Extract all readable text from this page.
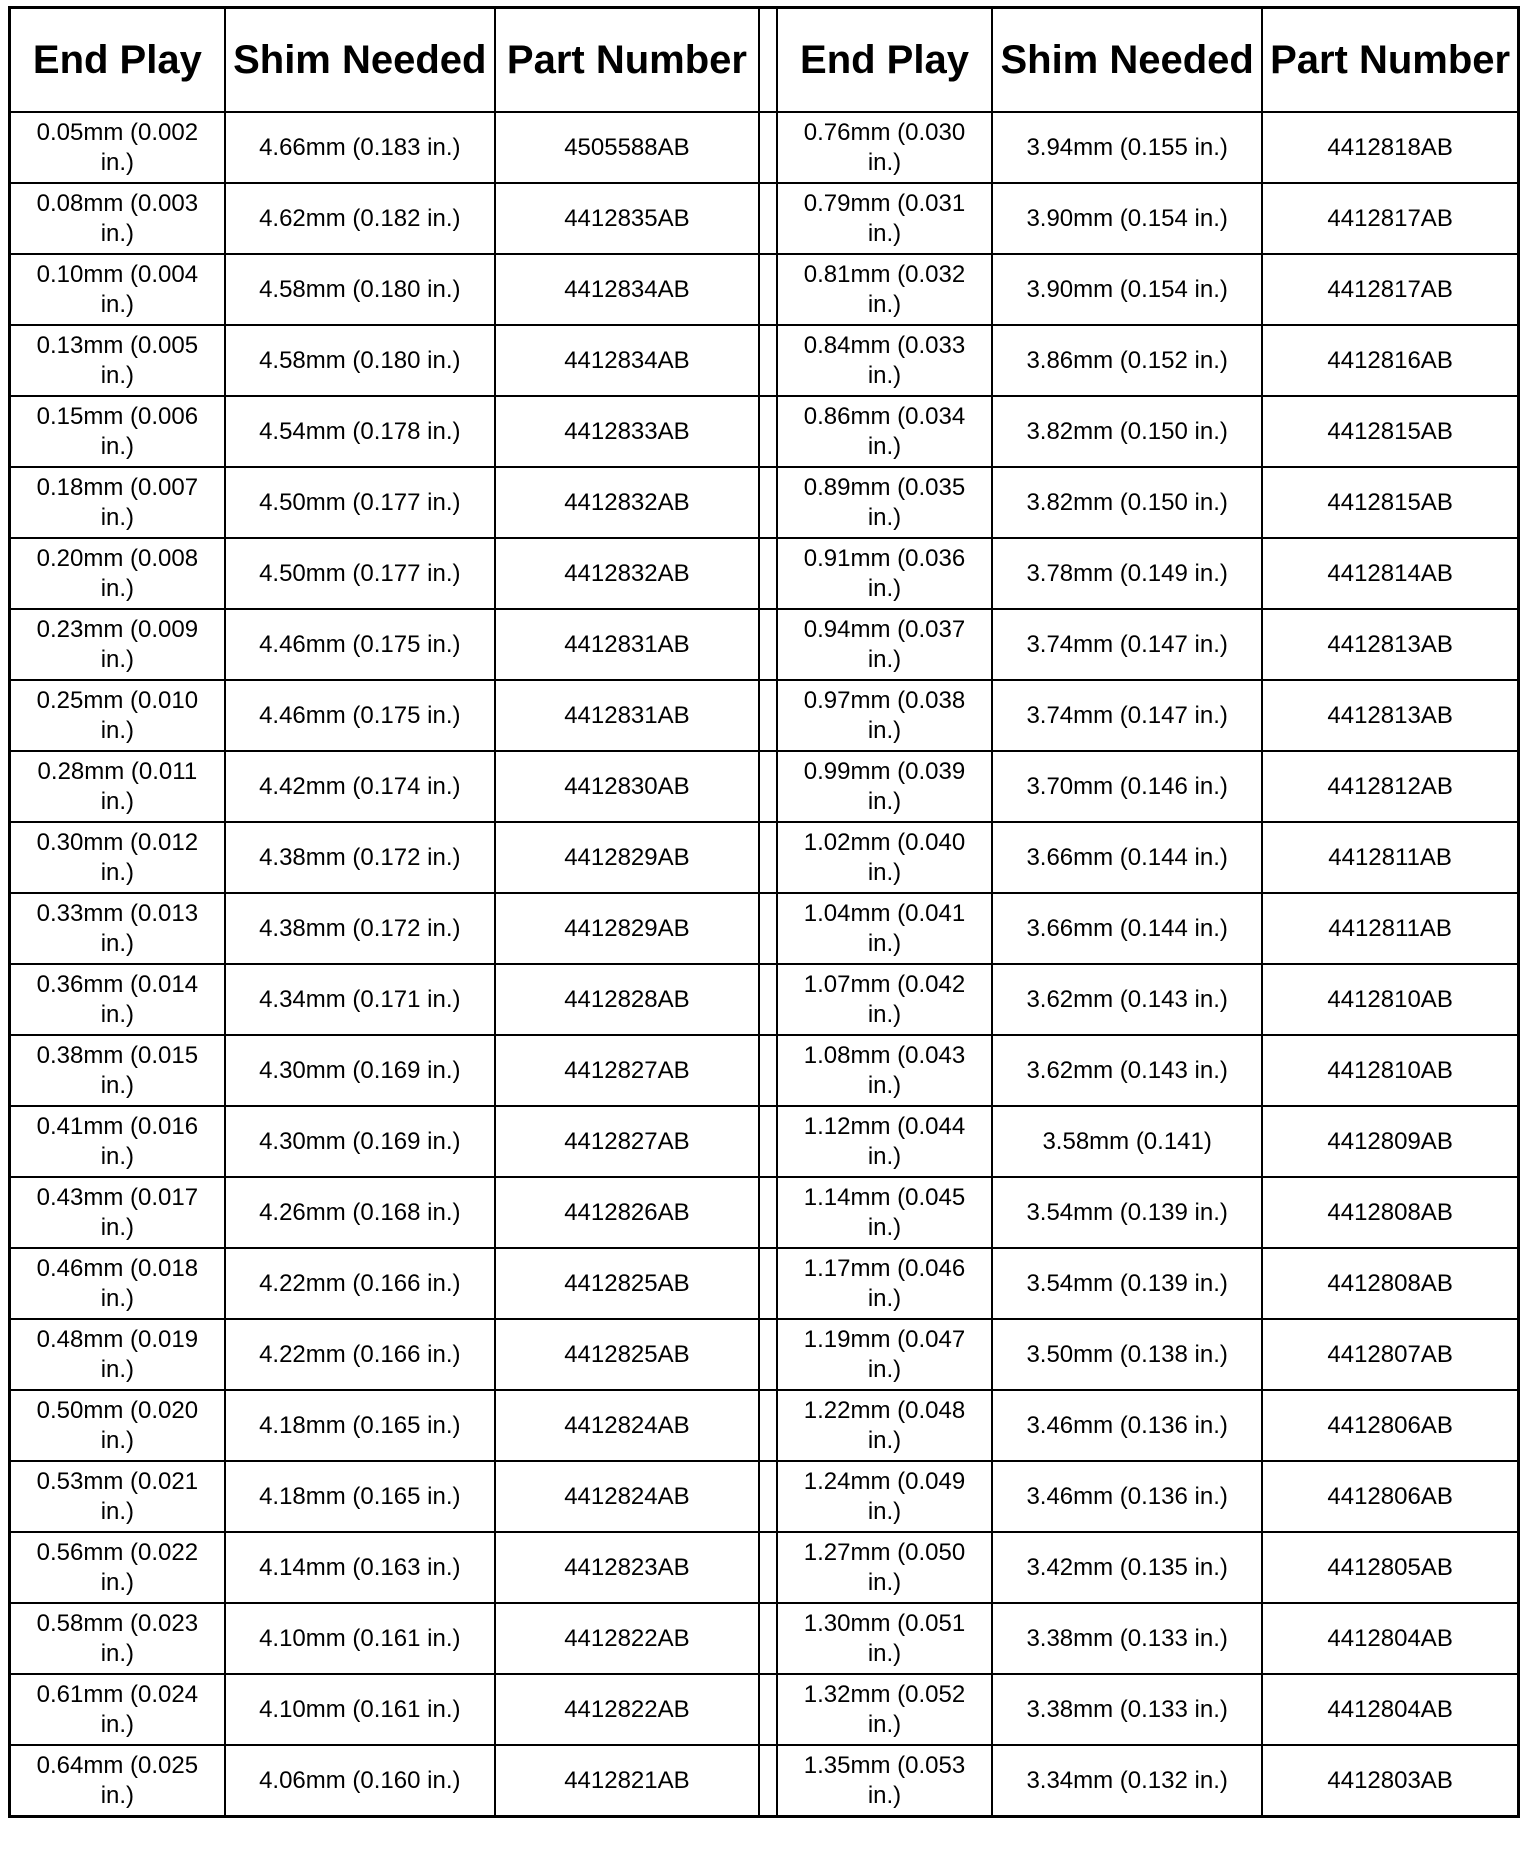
End Play	Shim Needed	Part Number		End Play	Shim Needed	Part Number
0.05mm (0.002 in.)	4.66mm (0.183 in.)	4505588AB		0.76mm (0.030 in.)	3.94mm (0.155 in.)	4412818AB
0.08mm (0.003 in.)	4.62mm (0.182 in.)	4412835AB		0.79mm (0.031 in.)	3.90mm (0.154 in.)	4412817AB
0.10mm (0.004 in.)	4.58mm (0.180 in.)	4412834AB		0.81mm (0.032 in.)	3.90mm (0.154 in.)	4412817AB
0.13mm (0.005 in.)	4.58mm (0.180 in.)	4412834AB		0.84mm (0.033 in.)	3.86mm (0.152 in.)	4412816AB
0.15mm (0.006 in.)	4.54mm (0.178 in.)	4412833AB		0.86mm (0.034 in.)	3.82mm (0.150 in.)	4412815AB
0.18mm (0.007 in.)	4.50mm (0.177 in.)	4412832AB		0.89mm (0.035 in.)	3.82mm (0.150 in.)	4412815AB
0.20mm (0.008 in.)	4.50mm (0.177 in.)	4412832AB		0.91mm (0.036 in.)	3.78mm (0.149 in.)	4412814AB
0.23mm (0.009 in.)	4.46mm (0.175 in.)	4412831AB		0.94mm (0.037 in.)	3.74mm (0.147 in.)	4412813AB
0.25mm (0.010 in.)	4.46mm (0.175 in.)	4412831AB		0.97mm (0.038 in.)	3.74mm (0.147 in.)	4412813AB
0.28mm (0.011 in.)	4.42mm (0.174 in.)	4412830AB		0.99mm (0.039 in.)	3.70mm (0.146 in.)	4412812AB
0.30mm (0.012 in.)	4.38mm (0.172 in.)	4412829AB		1.02mm (0.040 in.)	3.66mm (0.144 in.)	4412811AB
0.33mm (0.013 in.)	4.38mm (0.172 in.)	4412829AB		1.04mm (0.041 in.)	3.66mm (0.144 in.)	4412811AB
0.36mm (0.014 in.)	4.34mm (0.171 in.)	4412828AB		1.07mm (0.042 in.)	3.62mm (0.143 in.)	4412810AB
0.38mm (0.015 in.)	4.30mm (0.169 in.)	4412827AB		1.08mm (0.043 in.)	3.62mm (0.143 in.)	4412810AB
0.41mm (0.016 in.)	4.30mm (0.169 in.)	4412827AB		1.12mm (0.044 in.)	3.58mm (0.141)	4412809AB
0.43mm (0.017 in.)	4.26mm (0.168 in.)	4412826AB		1.14mm (0.045 in.)	3.54mm (0.139 in.)	4412808AB
0.46mm (0.018 in.)	4.22mm (0.166 in.)	4412825AB		1.17mm (0.046 in.)	3.54mm (0.139 in.)	4412808AB
0.48mm (0.019 in.)	4.22mm (0.166 in.)	4412825AB		1.19mm (0.047 in.)	3.50mm (0.138 in.)	4412807AB
0.50mm (0.020 in.)	4.18mm (0.165 in.)	4412824AB		1.22mm (0.048 in.)	3.46mm (0.136 in.)	4412806AB
0.53mm (0.021 in.)	4.18mm (0.165 in.)	4412824AB		1.24mm (0.049 in.)	3.46mm (0.136 in.)	4412806AB
0.56mm (0.022 in.)	4.14mm (0.163 in.)	4412823AB		1.27mm (0.050 in.)	3.42mm (0.135 in.)	4412805AB
0.58mm (0.023 in.)	4.10mm (0.161 in.)	4412822AB		1.30mm (0.051 in.)	3.38mm (0.133 in.)	4412804AB
0.61mm (0.024 in.)	4.10mm (0.161 in.)	4412822AB		1.32mm (0.052 in.)	3.38mm (0.133 in.)	4412804AB
0.64mm (0.025 in.)	4.06mm (0.160 in.)	4412821AB		1.35mm (0.053 in.)	3.34mm (0.132 in.)	4412803AB
